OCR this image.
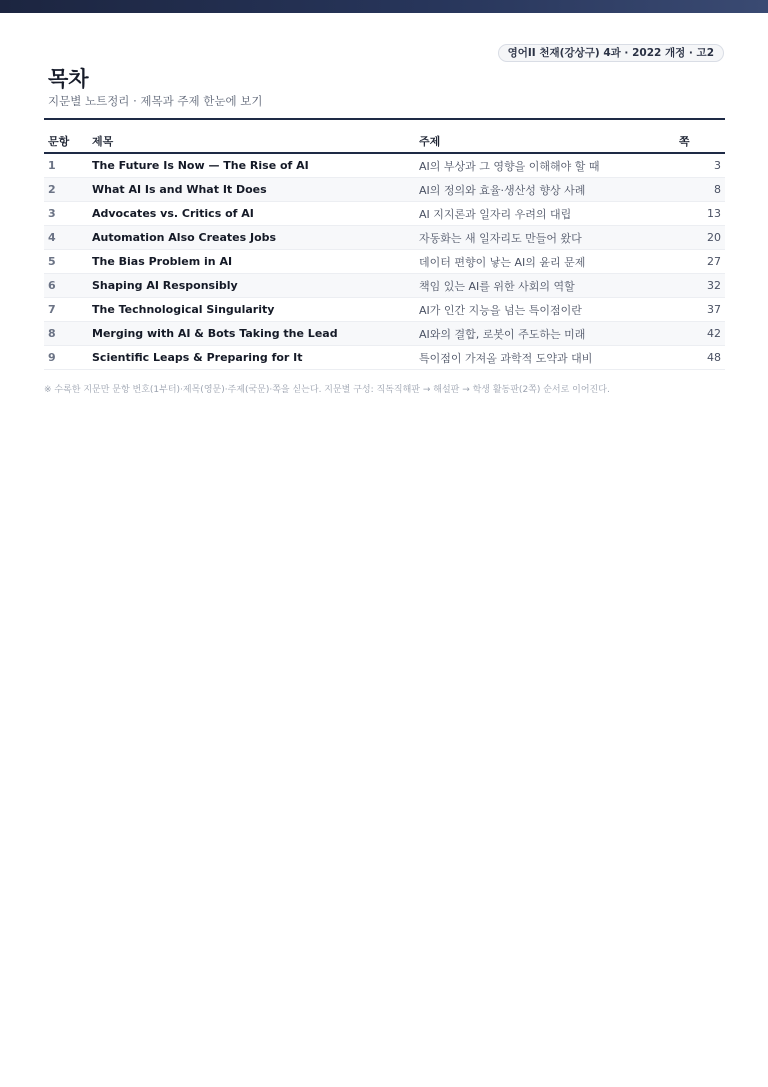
영어II 천재(강상구) 4과 · 2022 개정 · 고2
목차
지문별 노트정리 · 제목과 주제 한눈에 보기
문항	제목	주제	쪽
1	The Future Is Now — The Rise of AI	AI의 부상과 그 영향을 이해해야 할 때	3
2	What AI Is and What It Does	AI의 정의와 효율·생산성 향상 사례	8
3	Advocates vs. Critics of AI	AI 지지론과 일자리 우려의 대립	13
4	Automation Also Creates Jobs	자동화는 새 일자리도 만들어 왔다	20
5	The Bias Problem in AI	데이터 편향이 낳는 AI의 윤리 문제	27
6	Shaping AI Responsibly	책임 있는 AI를 위한 사회의 역할	32
7	The Technological Singularity	AI가 인간 지능을 넘는 특이점이란	37
8	Merging with AI & Bots Taking the Lead	AI와의 결합, 로봇이 주도하는 미래	42
9	Scientific Leaps & Preparing for It	특이점이 가져올 과학적 도약과 대비	48
※ 수록한 지문만 문항 번호(1부터)·제목(영문)·주제(국문)·쪽을 싣는다. 지문별 구성: 직독직해판 → 해설판 → 학생 활동판(2쪽) 순서로 이어진다.
